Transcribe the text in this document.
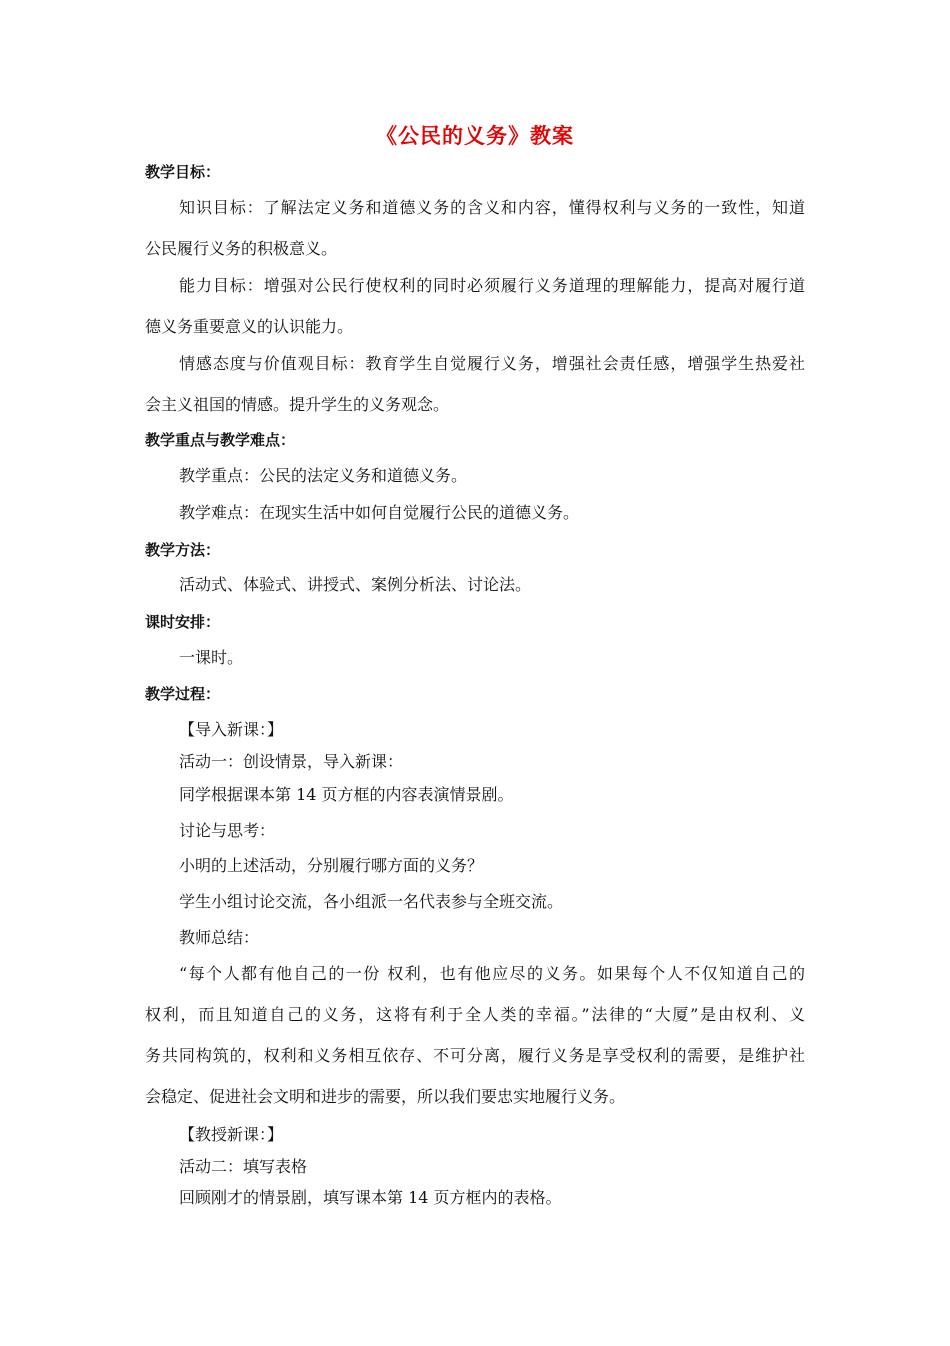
《公民的义务》教案
教学目标：
知识目标：了解法定义务和道德义务的含义和内容，懂得权利与义务的一致性，知道
公民履行义务的积极意义。
能力目标：增强对公民行使权利的同时必须履行义务道理的理解能力，提高对履行道
德义务重要意义的认识能力。
情感态度与价值观目标：教育学生自觉履行义务，增强社会责任感，增强学生热爱社
会主义祖国的情感。提升学生的义务观念。
教学重点与教学难点：
教学重点：公民的法定义务和道德义务。
教学难点：在现实生活中如何自觉履行公民的道德义务。
教学方法：
活动式、体验式、讲授式、案例分析法、讨论法。
课时安排：
一课时。
教学过程：
【导入新课：】
活动一：创设情景，导入新课：
同学根据课本第 14 页方框的内容表演情景剧。
讨论与思考：
小明的上述活动，分别履行哪方面的义务？
学生小组讨论交流，各小组派一名代表参与全班交流。
教师总结：
“每个人都有他自己的一份 权利，也有他应尽的义务。如果每个人不仅知道自己的
权利，而且知道自己的义务，这将有利于全人类的幸福。”法律的“大厦”是由权利、义
务共同构筑的，权利和义务相互依存、不可分离，履行义务是享受权利的需要，是维护社
会稳定、促进社会文明和进步的需要，所以我们要忠实地履行义务。
【教授新课：】
活动二：填写表格
回顾刚才的情景剧，填写课本第 14 页方框内的表格。
